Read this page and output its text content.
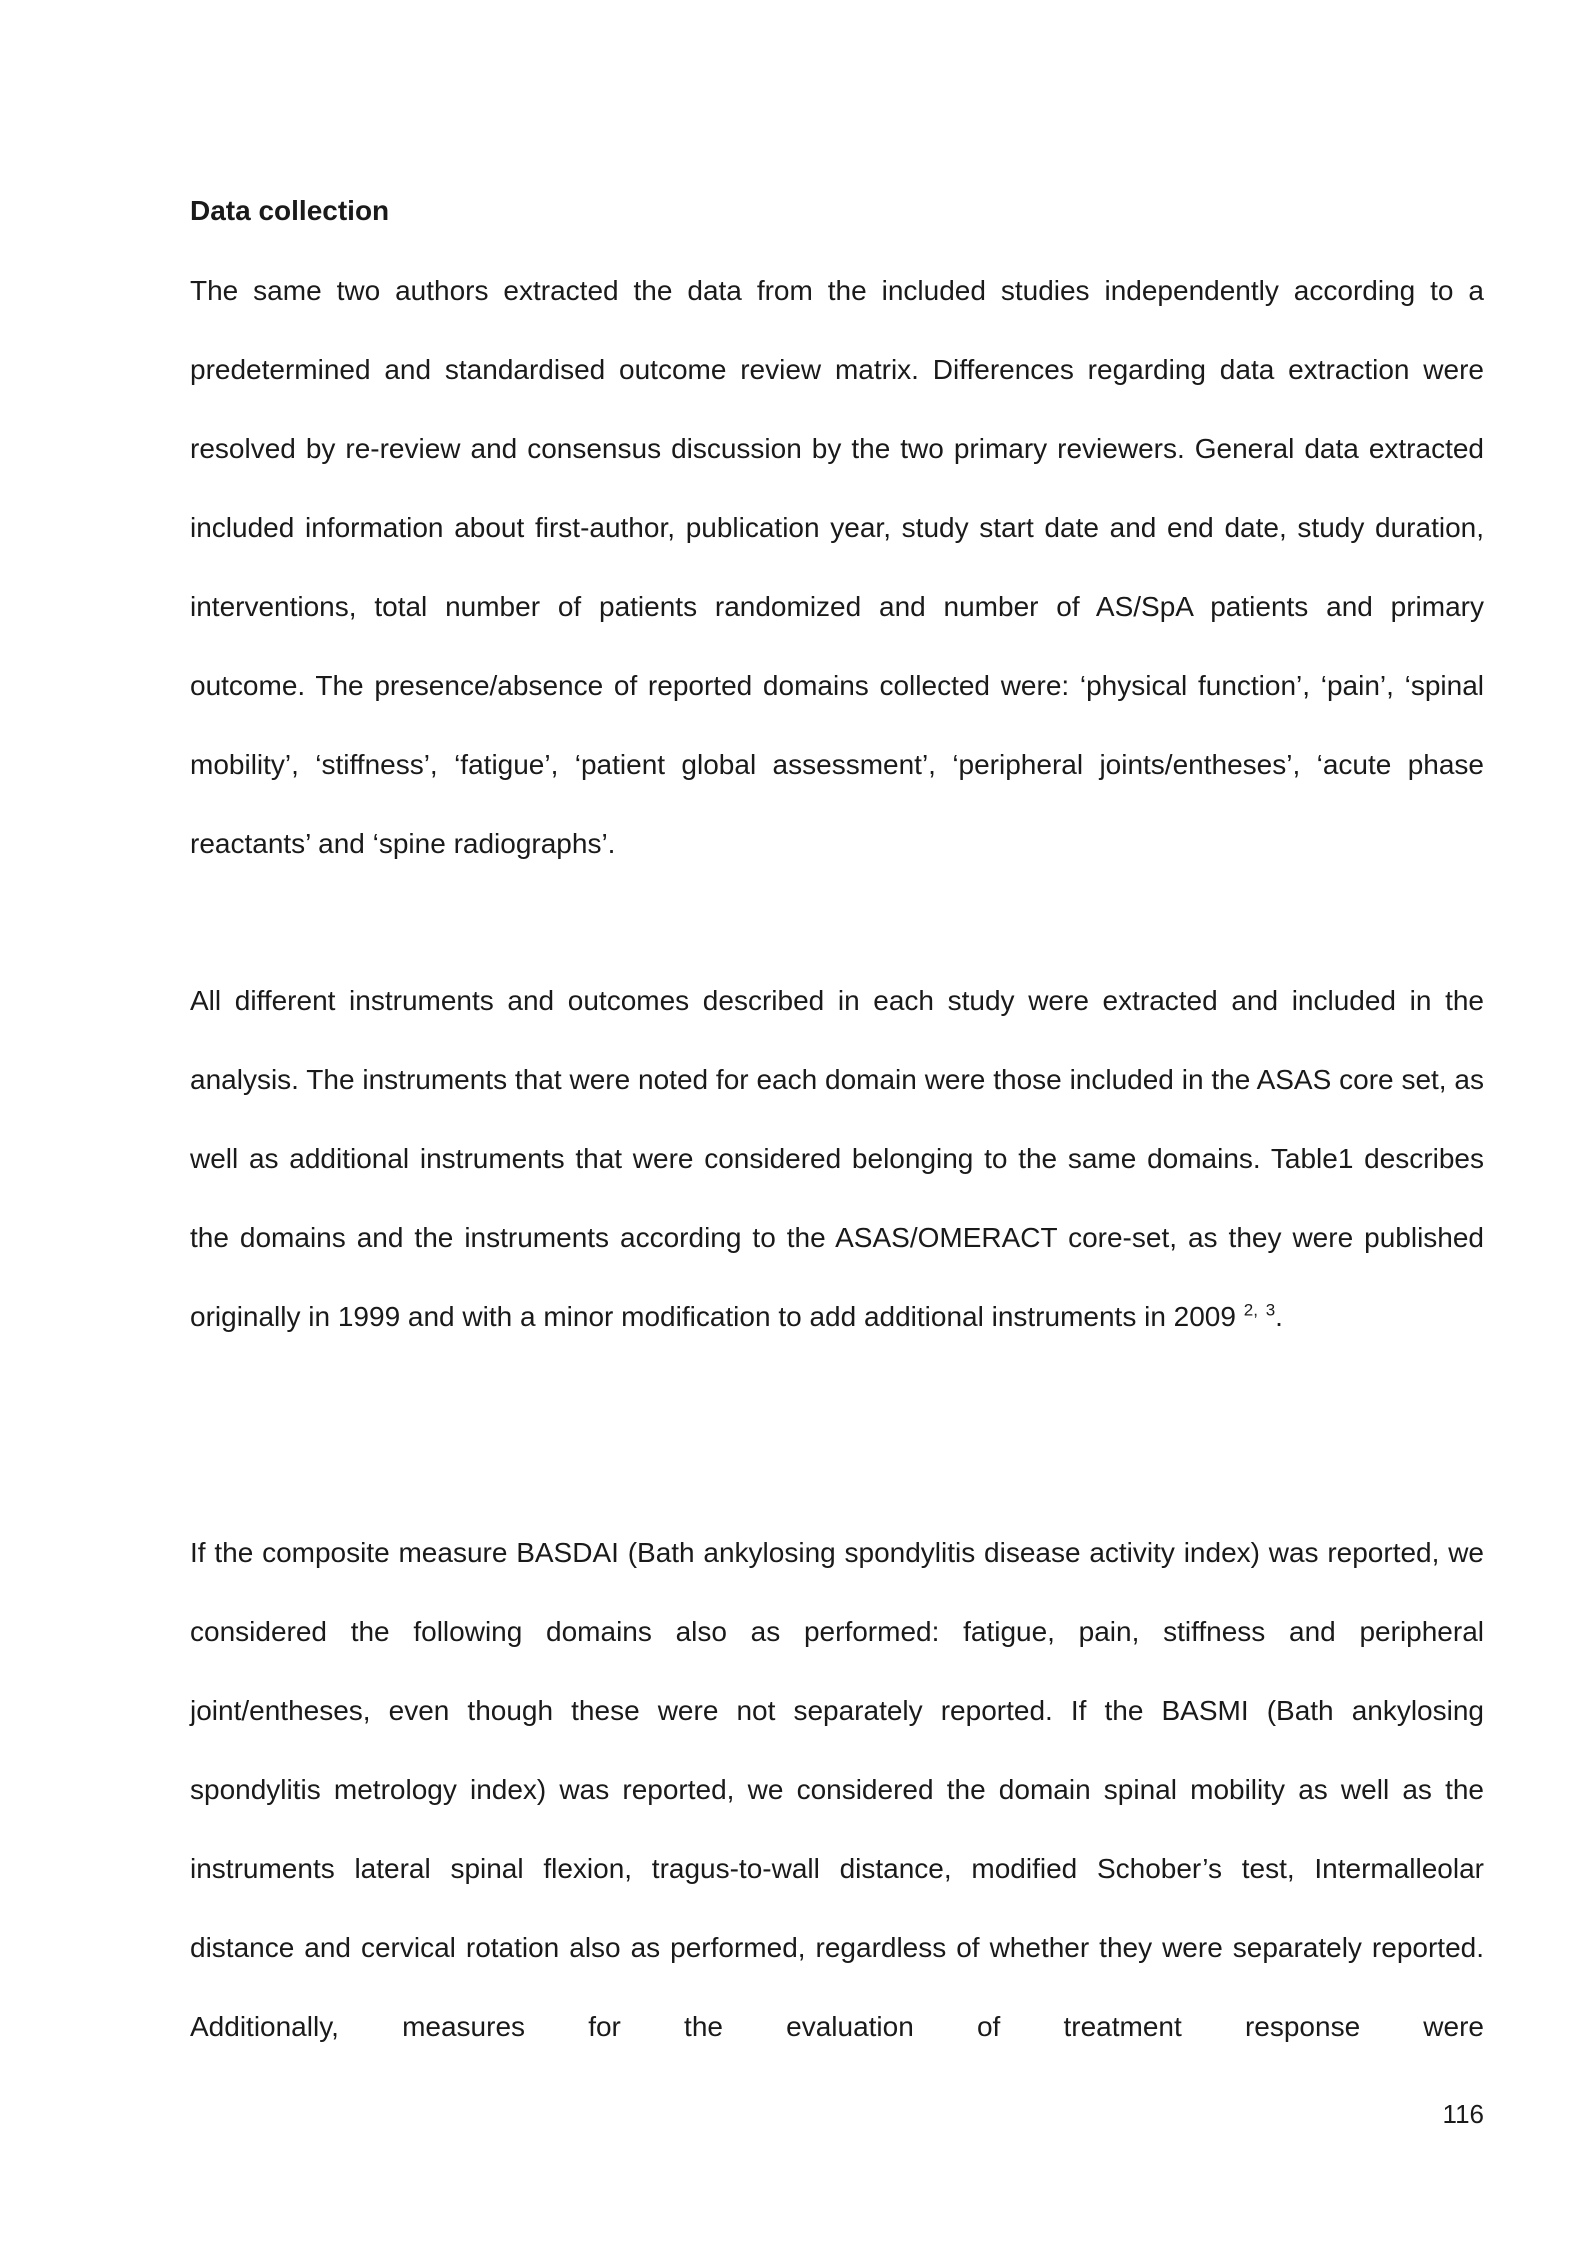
Data collection

The same two authors extracted the data from the included studies independently according to a predetermined and standardised outcome review matrix. Differences regarding data extraction were resolved by re-review and consensus discussion by the two primary reviewers. General data extracted included information about first-author, publication year, study start date and end date, study duration, interventions, total number of patients randomized and number of AS/SpA patients and primary outcome. The presence/absence of reported domains collected were: ‘physical function’, ‘pain’, ‘spinal mobility’, ‘stiffness’, ‘fatigue’, ‘patient global assessment’, ‘peripheral joints/entheses’, ‘acute phase reactants’ and ‘spine radiographs’.

All different instruments and outcomes described in each study were extracted and included in the analysis. The instruments that were noted for each domain were those included in the ASAS core set, as well as additional instruments that were considered belonging to the same domains. Table1 describes the domains and the instruments according to the ASAS/OMERACT core-set, as they were published originally in 1999 and with a minor modification to add additional instruments in 2009 $^{2,}$ $^3$.

If the composite measure BASDAI (Bath ankylosing spondylitis disease activity index) was reported, we considered the following domains also as performed: fatigue, pain, stiffness and peripheral joint/entheses, even though these were not separately reported. If the BASMI (Bath ankylosing spondylitis metrology index) was reported, we considered the domain spinal mobility as well as the instruments lateral spinal flexion, tragus-to-wall distance, modified Schober’s test, Intermalleolar distance and cervical rotation also as performed, regardless of whether they were separately reported. Additionally, measures for the evaluation of treatment response were

116
